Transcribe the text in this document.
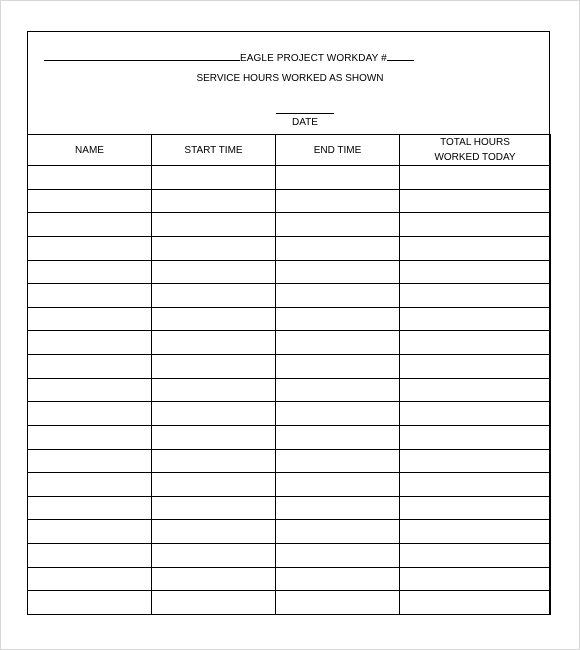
EAGLE PROJECT WORKDAY #
SERVICE HOURS WORKED AS SHOWN
DATE
NAME	START TIME	END TIME	TOTAL HOURS
WORKED TODAY
